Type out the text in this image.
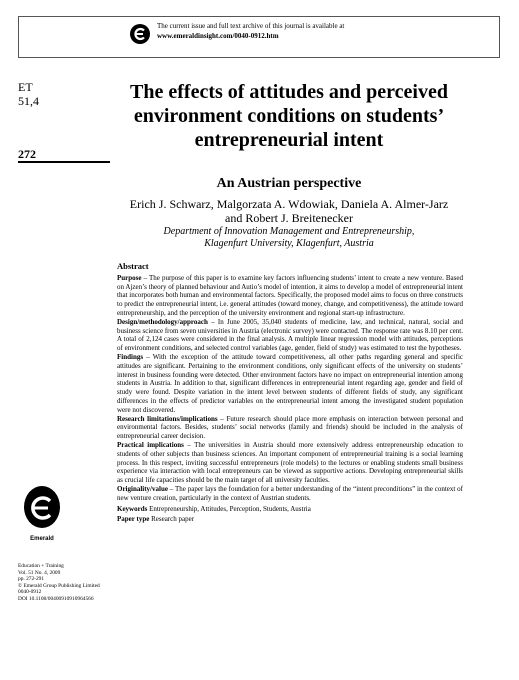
The current issue and full text archive of this journal is available at
www.emeraldinsight.com/0040-0912.htm
ET
51,4
272
The effects of attitudes and perceived environment conditions on students’ entrepreneurial intent
An Austrian perspective
Erich J. Schwarz, Malgorzata A. Wdowiak, Daniela A. Almer-Jarz
and Robert J. Breitenecker
Department of Innovation Management and Entrepreneurship,
Klagenfurt University, Klagenfurt, Austria

Abstract

Purpose – The purpose of this paper is to examine key factors influencing students’ intent to create a new venture. Based on Ajzen’s theory of planned behaviour and Autio’s model of intention, it aims to develop a model of entrepreneurial intent that incorporates both human and environmental factors. Specifically, the proposed model aims to focus on three constructs to predict the entrepreneurial intent, i.e. general attitudes (toward money, change, and competitiveness), the attitude toward entrepreneurship, and the perception of the university environment and regional start-up infrastructure.

Design/methodology/approach – In June 2005, 35,040 students of medicine, law, and technical, natural, social and business science from seven universities in Austria (electronic survey) were contacted. The response rate was 8.10 per cent. A total of 2,124 cases were considered in the final analysis. A multiple linear regression model with attitudes, perceptions of environment conditions, and selected control variables (age, gender, field of study) was estimated to test the hypotheses.

Findings – With the exception of the attitude toward competitiveness, all other paths regarding general and specific attitudes are significant. Pertaining to the environment conditions, only significant effects of the university on students’ interest in business founding were detected. Other environment factors have no impact on entrepreneurial intention among students in Austria. In addition to that, significant differences in entrepreneurial intent regarding age, gender and field of study were found. Despite variation in the intent level between students of different fields of study, any significant differences in the effects of predictor variables on the entrepreneurial intent among the investigated student population were not discovered.

Research limitations/implications – Future research should place more emphasis on interaction between personal and environmental factors. Besides, students’ social networks (family and friends) should be included in the analysis of entrepreneurial career decision.

Practical implications – The universities in Austria should more extensively address entrepreneurship education to students of other subjects than business sciences. An important component of entrepreneurial training is a social learning process. In this respect, inviting successful entrepreneurs (role models) to the lectures or enabling students small business experience via interaction with local entrepreneurs can be viewed as supportive actions. Developing entrepreneurial skills as crucial life capacities should be the main target of all university faculties.

Originality/value – The paper lays the foundation for a better understanding of the “intent preconditions” in the context of new venture creation, particularly in the context of Austrian students.

Keywords Entrepreneurship, Attitudes, Perception, Students, Austria

Paper type Research paper

Emerald
Education + Training
Vol. 51 No. 4, 2009
pp. 272-291
© Emerald Group Publishing Limited
0040-0912
DOI 10.1108/00400910910964566
